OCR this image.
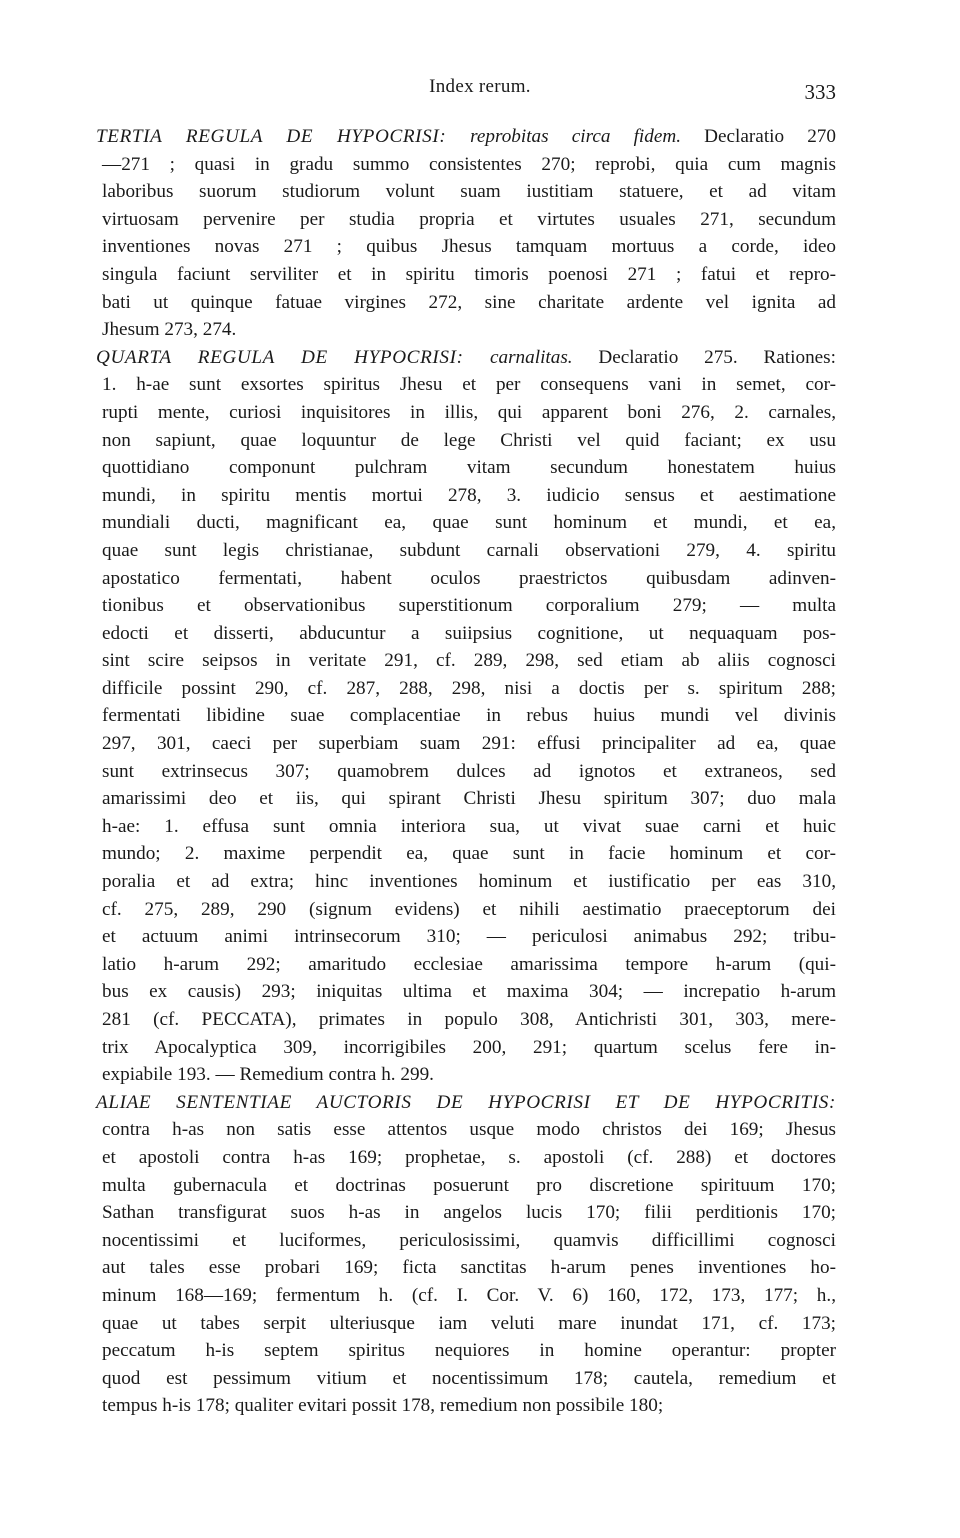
Index rerum.	333
TERTIA REGULA DE HYPOCRISI: reprobitas circa fidem. Declaratio 270
—271 ; quasi in gradu summo consistentes 270; reprobi, quia cum magnis
laboribus suorum studiorum volunt suam iustitiam statuere, et ad vitam
virtuosam pervenire per studia propria et virtutes usuales 271, secundum
inventiones novas 271 ; quibus Jhesus tamquam mortuus a corde, ideo
singula faciunt serviliter et in spiritu timoris poenosi 271 ; fatui et repro-
bati ut quinque fatuae virgines 272, sine charitate ardente vel ignita ad
Jhesum 273, 274.
QUARTA REGULA DE HYPOCRISI: carnalitas. Declaratio 275. Rationes:
1. h-ae sunt exsortes spiritus Jhesu et per consequens vani in semet, cor-
rupti mente, curiosi inquisitores in illis, qui apparent boni 276, 2. carnales,
non sapiunt, quae loquuntur de lege Christi vel quid faciant; ex usu
quottidiano componunt pulchram vitam secundum honestatem huius
mundi, in spiritu mentis mortui 278, 3. iudicio sensus et aestimatione
mundiali ducti, magnificant ea, quae sunt hominum et mundi, et ea,
quae sunt legis christianae, subdunt carnali observationi 279, 4. spiritu
apostatico fermentati, habent oculos praestrictos quibusdam adinven-
tionibus et observationibus superstitionum corporalium 279; — multa
edocti et disserti, abducuntur a suiipsius cognitione, ut nequaquam pos-
sint scire seipsos in veritate 291, cf. 289, 298, sed etiam ab aliis cognosci
difficile possint 290, cf. 287, 288, 298, nisi a doctis per s. spiritum 288;
fermentati libidine suae complacentiae in rebus huius mundi vel divinis
297, 301, caeci per superbiam suam 291: effusi principaliter ad ea, quae
sunt extrinsecus 307; quamobrem dulces ad ignotos et extraneos, sed
amarissimi deo et iis, qui spirant Christi Jhesu spiritum 307; duo mala
h-ae: 1. effusa sunt omnia interiora sua, ut vivat suae carni et huic
mundo; 2. maxime perpendit ea, quae sunt in facie hominum et cor-
poralia et ad extra; hinc inventiones hominum et iustificatio per eas 310,
cf. 275, 289, 290 (signum evidens) et nihili aestimatio praeceptorum dei
et actuum animi intrinsecorum 310; — periculosi animabus 292; tribu-
latio h-arum 292; amaritudo ecclesiae amarissima tempore h-arum (qui-
bus ex causis) 293; iniquitas ultima et maxima 304; — increpatio h-arum
281 (cf. PECCATA), primates in populo 308, Antichristi 301, 303, mere-
trix Apocalyptica 309, incorrigibiles 200, 291; quartum scelus fere in-
expiabile 193. — Remedium contra h. 299.
ALIAE SENTENTIAE AUCTORIS DE HYPOCRISI ET DE HYPOCRITIS:
contra h-as non satis esse attentos usque modo christos dei 169; Jhesus
et apostoli contra h-as 169; prophetae, s. apostoli (cf. 288) et doctores
multa gubernacula et doctrinas posuerunt pro discretione spirituum 170;
Sathan transfigurat suos h-as in angelos lucis 170; filii perditionis 170;
nocentissimi et luciformes, periculosissimi, quamvis difficillimi cognosci
aut tales esse probari 169; ficta sanctitas h-arum penes inventiones ho-
minum 168—169; fermentum h. (cf. I. Cor. V. 6) 160, 172, 173, 177; h.,
quae ut tabes serpit ulteriusque iam veluti mare inundat 171, cf. 173;
peccatum h-is septem spiritus nequiores in homine operantur: propter
quod est pessimum vitium et nocentissimum 178; cautela, remedium et
tempus h-is 178; qualiter evitari possit 178, remedium non possibile 180;
